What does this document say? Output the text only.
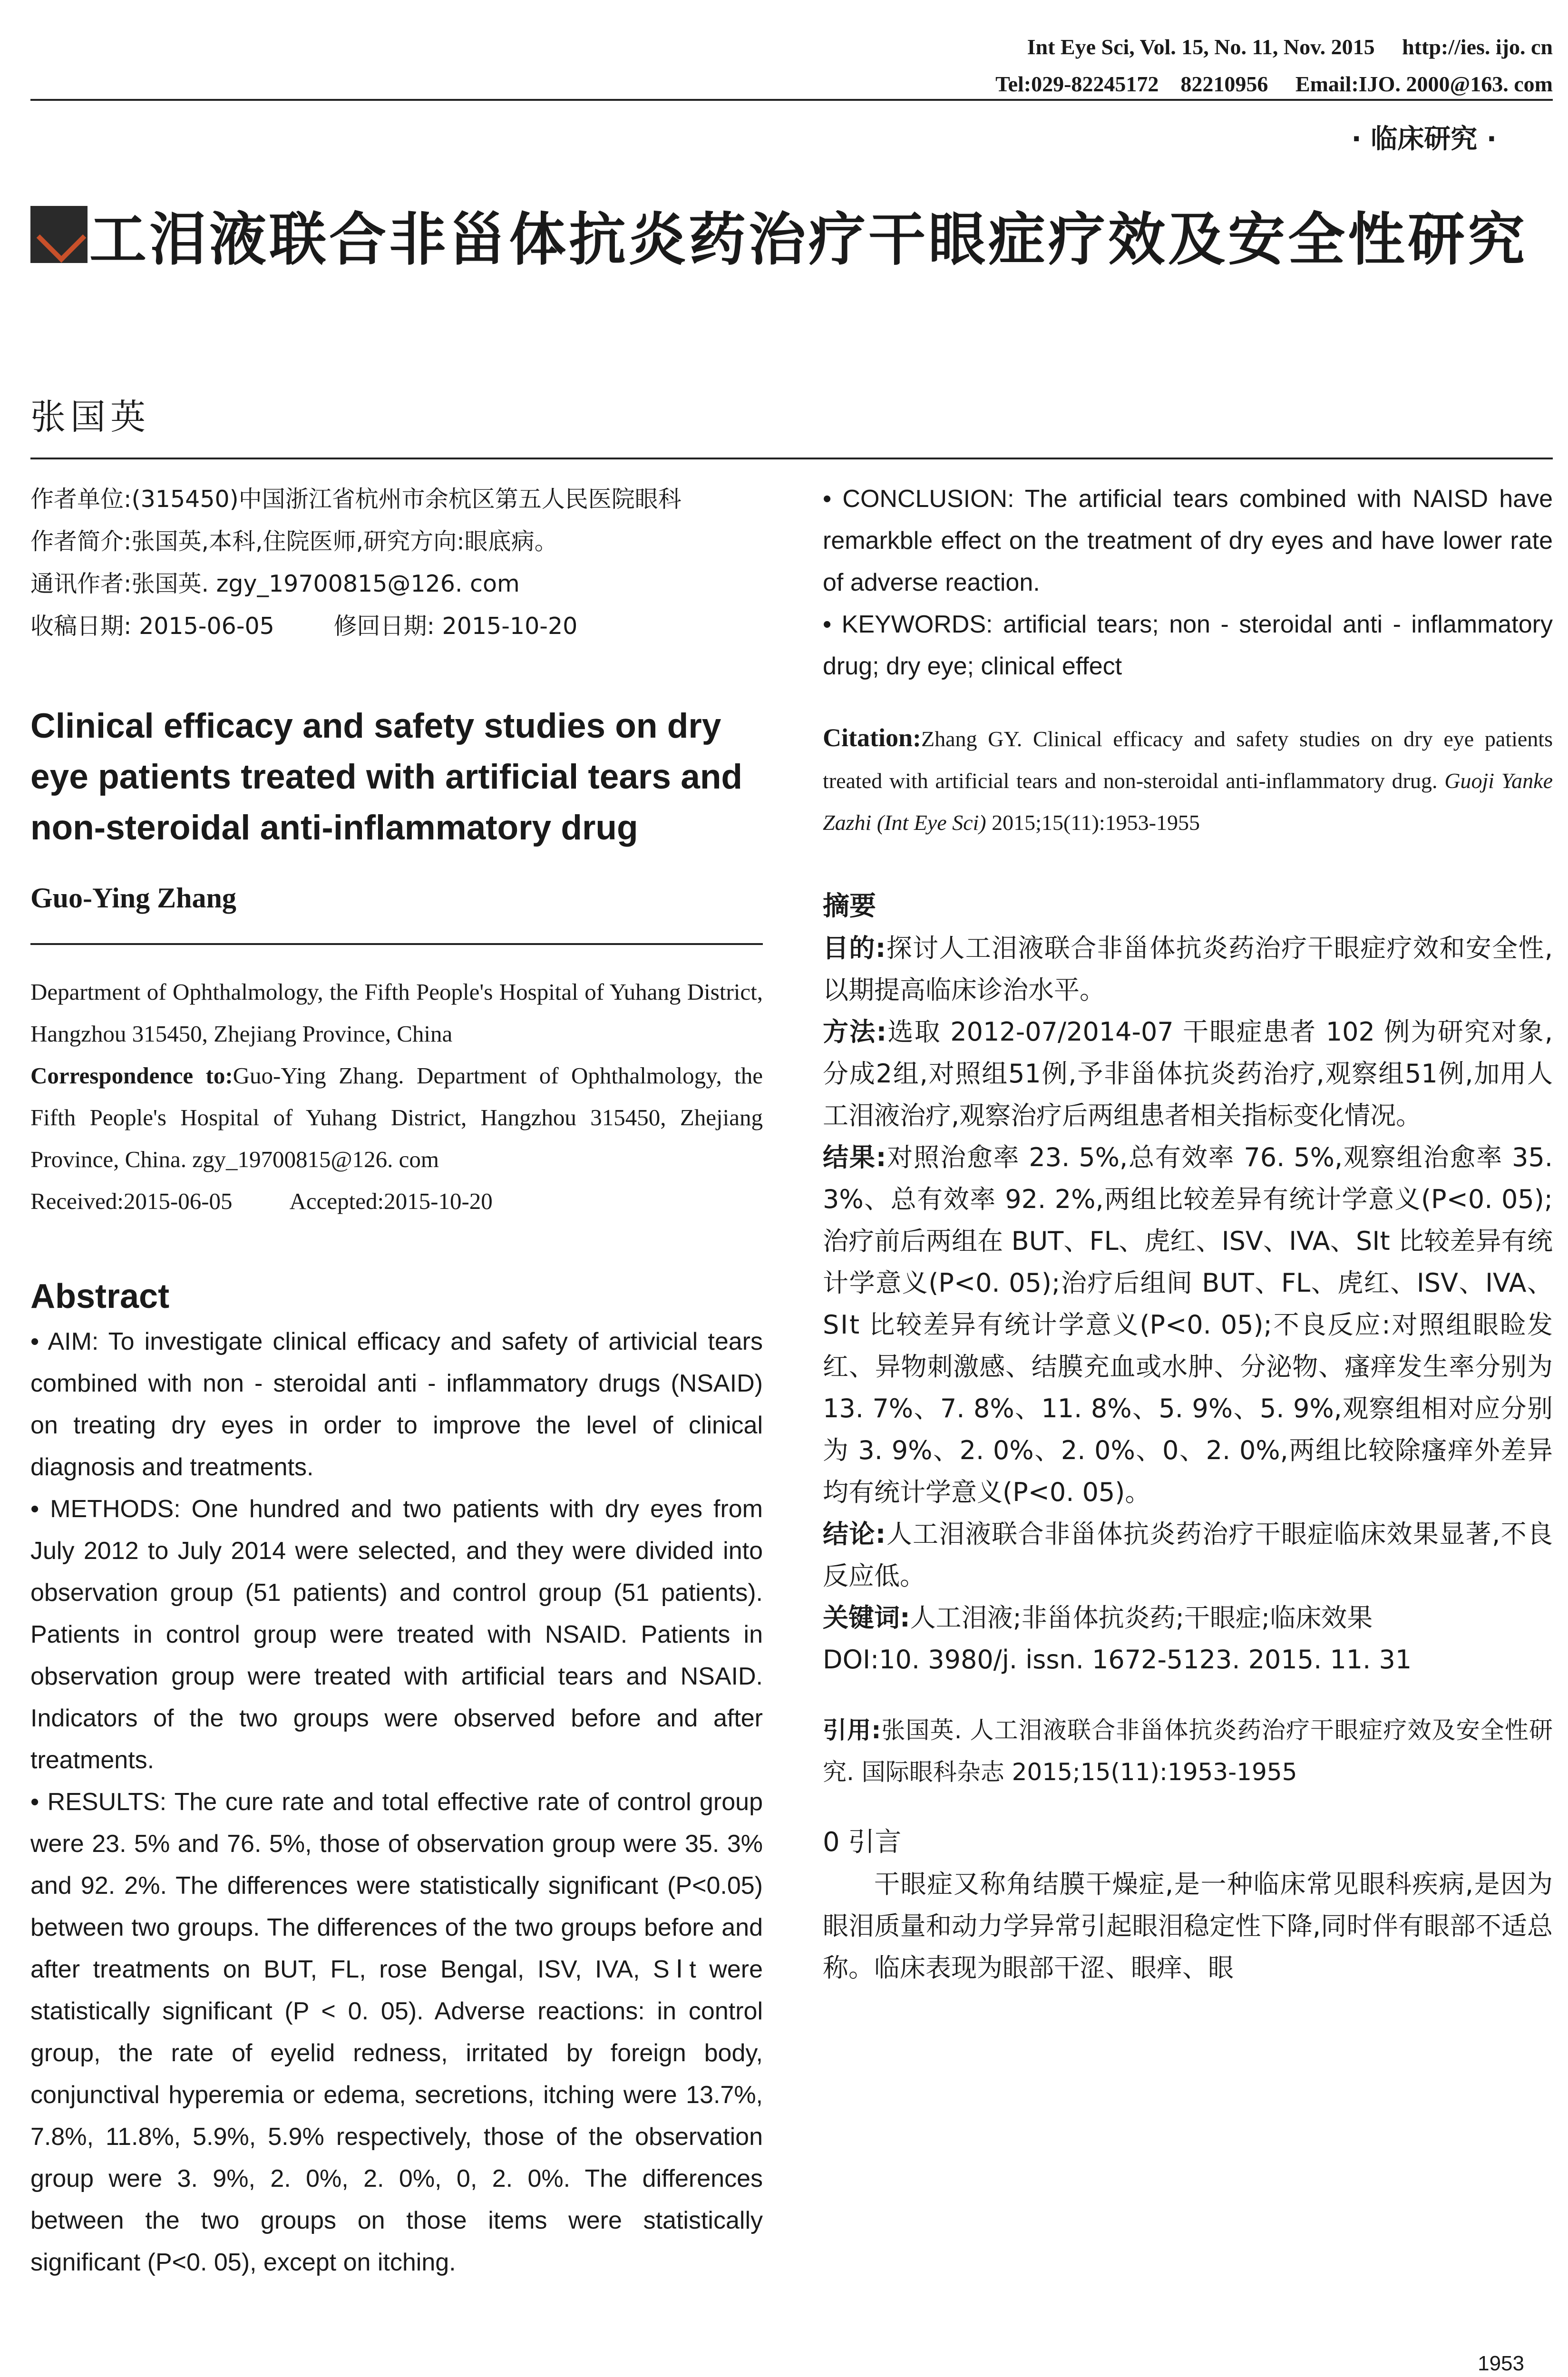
Int Eye Sci, Vol. 15, No. 11, Nov. 2015     http://ies. ijo. cn
Tel:029-82245172    82210956     Email:IJO. 2000@163. com
· 临床研究 ·
工泪液联合非甾体抗炎药治疗干眼症疗效及安全性研究
张国英

作者单位:(315450)中国浙江省杭州市余杭区第五人民医院眼科

作者简介:张国英,本科,住院医师,研究方向:眼底病。

通讯作者:张国英. zgy_19700815@126. com

收稿日期: 2015-06-05        修回日期: 2015-10-20

Clinical efficacy and safety studies on dry eye patients treated with artificial tears and non-steroidal anti-inflammatory drug
Guo-Ying Zhang

Department of Ophthalmology, the Fifth People's Hospital of Yuhang District, Hangzhou 315450, Zhejiang Province, China

Correspondence to:Guo-Ying Zhang. Department of Ophthalmology, the Fifth People's Hospital of Yuhang District, Hangzhou 315450, Zhejiang Province, China. zgy_19700815@126. com

Received:2015-06-05 Accepted:2015-10-20

Abstract

• AIM: To investigate clinical efficacy and safety of artivicial tears combined with non - steroidal anti - inflammatory drugs (NSAID) on treating dry eyes in order to improve the level of clinical diagnosis and treatments.

• METHODS: One hundred and two patients with dry eyes from July 2012 to July 2014 were selected, and they were divided into observation group (51 patients) and control group (51 patients). Patients in control group were treated with NSAID. Patients in observation group were treated with artificial tears and NSAID. Indicators of the two groups were observed before and after treatments.

• RESULTS: The cure rate and total effective rate of control group were 23. 5% and 76. 5%, those of observation group were 35. 3% and 92. 2%. The differences were statistically significant (P<0.05) between two groups. The differences of the two groups before and after treatments on BUT, FL, rose Bengal, ISV, IVA, SⅠt were statistically significant (P < 0. 05). Adverse reactions: in control group, the rate of eyelid redness, irritated by foreign body, conjunctival hyperemia or edema, secretions, itching were 13.7%, 7.8%, 11.8%, 5.9%, 5.9% respectively, those of the observation group were 3. 9%, 2. 0%, 2. 0%, 0, 2. 0%. The differences between the two groups on those items were statistically significant (P<0. 05), except on itching.

• CONCLUSION: The artificial tears combined with NAISD have remarkble effect on the treatment of dry eyes and have lower rate of adverse reaction.

• KEYWORDS: artificial tears; non - steroidal anti - inflammatory drug; dry eye; clinical effect

Citation:Zhang GY. Clinical efficacy and safety studies on dry eye patients treated with artificial tears and non-steroidal anti-inflammatory drug. Guoji Yanke Zazhi (Int Eye Sci) 2015;15(11):1953-1955

摘要

目的:探讨人工泪液联合非甾体抗炎药治疗干眼症疗效和安全性,以期提高临床诊治水平。

方法:选取 2012-07/2014-07 干眼症患者 102 例为研究对象,分成2组,对照组51例,予非甾体抗炎药治疗,观察组51例,加用人工泪液治疗,观察治疗后两组患者相关指标变化情况。

结果:对照治愈率 23. 5%,总有效率 76. 5%,观察组治愈率 35. 3%、总有效率 92. 2%,两组比较差异有统计学意义(P<0. 05);治疗前后两组在 BUT、FL、虎红、ISV、IVA、SⅠt 比较差异有统计学意义(P<0. 05);治疗后组间 BUT、FL、虎红、ISV、IVA、SⅠt 比较差异有统计学意义(P<0. 05);不良反应:对照组眼睑发红、异物刺激感、结膜充血或水肿、分泌物、瘙痒发生率分别为 13. 7%、7. 8%、11. 8%、5. 9%、5. 9%,观察组相对应分别为 3. 9%、2. 0%、2. 0%、0、2. 0%,两组比较除瘙痒外差异均有统计学意义(P<0. 05)。

结论:人工泪液联合非甾体抗炎药治疗干眼症临床效果显著,不良反应低。

关键词:人工泪液;非甾体抗炎药;干眼症;临床效果

DOI:10. 3980/j. issn. 1672-5123. 2015. 11. 31

引用:张国英. 人工泪液联合非甾体抗炎药治疗干眼症疗效及安全性研究. 国际眼科杂志 2015;15(11):1953-1955

0 引言

干眼症又称角结膜干燥症,是一种临床常见眼科疾病,是因为眼泪质量和动力学异常引起眼泪稳定性下降,同时伴有眼部不适总称。临床表现为眼部干涩、眼痒、眼

1953
